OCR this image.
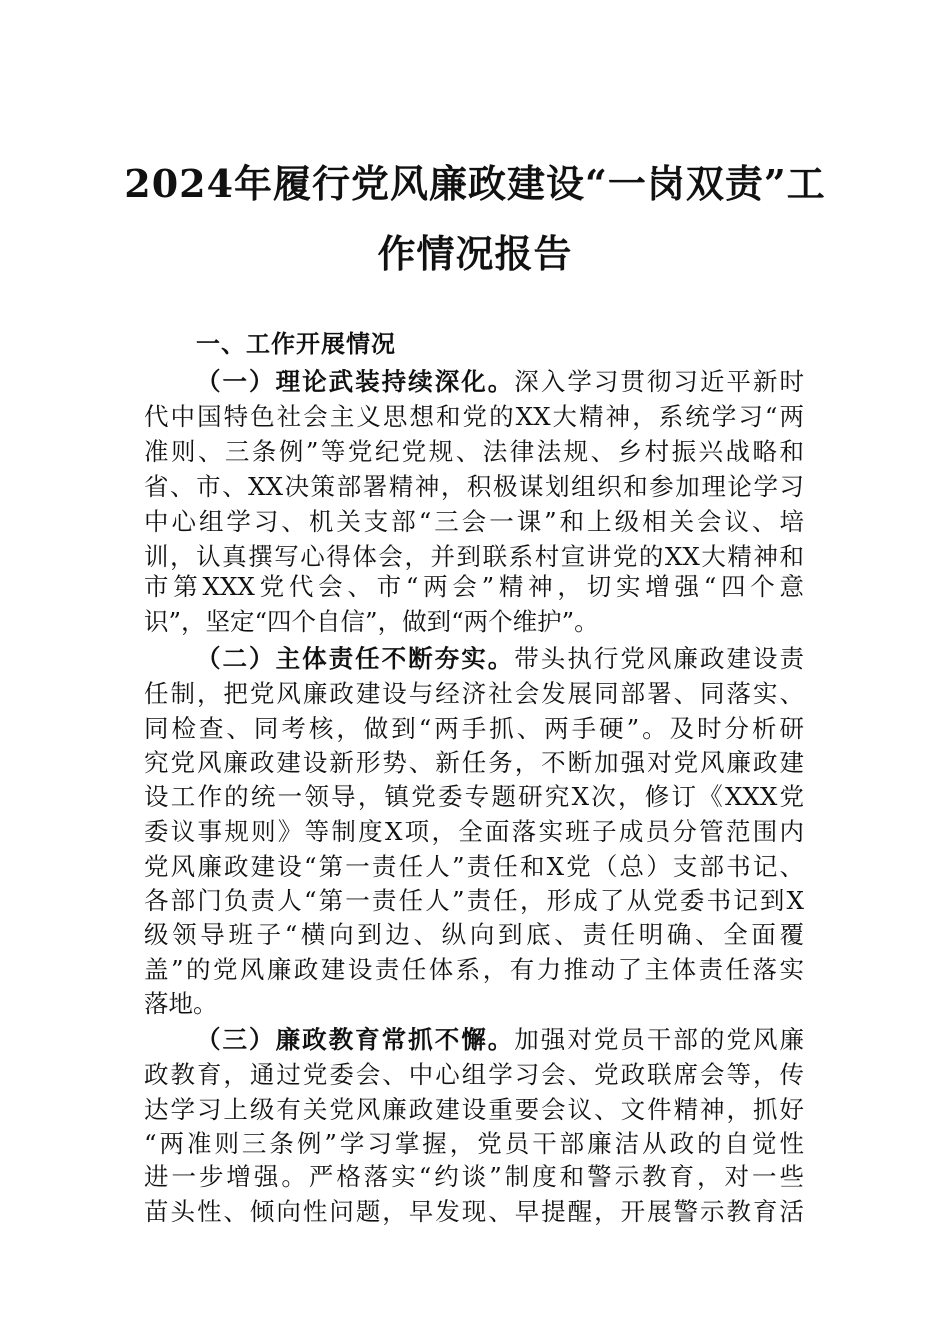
2024年履行党风廉政建设“一岗双责”工
作情况报告
一、工作开展情况
（一）理论武装持续深化。深入学习贯彻习近平新时
代中国特色社会主义思想和党的XX大精神，系统学习“两
准则、三条例”等党纪党规、法律法规、乡村振兴战略和
省、市、XX决策部署精神，积极谋划组织和参加理论学习
中心组学习、机关支部“三会一课”和上级相关会议、培
训，认真撰写心得体会，并到联系村宣讲党的XX大精神和
市第XXX党代会、市“两会”精神，切实增强“四个意
识”，坚定“四个自信”，做到“两个维护”。
（二）主体责任不断夯实。带头执行党风廉政建设责
任制，把党风廉政建设与经济社会发展同部署、同落实、
同检查、同考核，做到“两手抓、两手硬”。及时分析研
究党风廉政建设新形势、新任务，不断加强对党风廉政建
设工作的统一领导，镇党委专题研究X次，修订《XXX党
委议事规则》等制度X项，全面落实班子成员分管范围内
党风廉政建设“第一责任人”责任和X党（总）支部书记、
各部门负责人“第一责任人”责任，形成了从党委书记到X
级领导班子“横向到边、纵向到底、责任明确、全面覆
盖”的党风廉政建设责任体系，有力推动了主体责任落实
落地。
（三）廉政教育常抓不懈。加强对党员干部的党风廉
政教育，通过党委会、中心组学习会、党政联席会等，传
达学习上级有关党风廉政建设重要会议、文件精神，抓好
“两准则三条例”学习掌握，党员干部廉洁从政的自觉性
进一步增强。严格落实“约谈”制度和警示教育，对一些
苗头性、倾向性问题，早发现、早提醒，开展警示教育活
